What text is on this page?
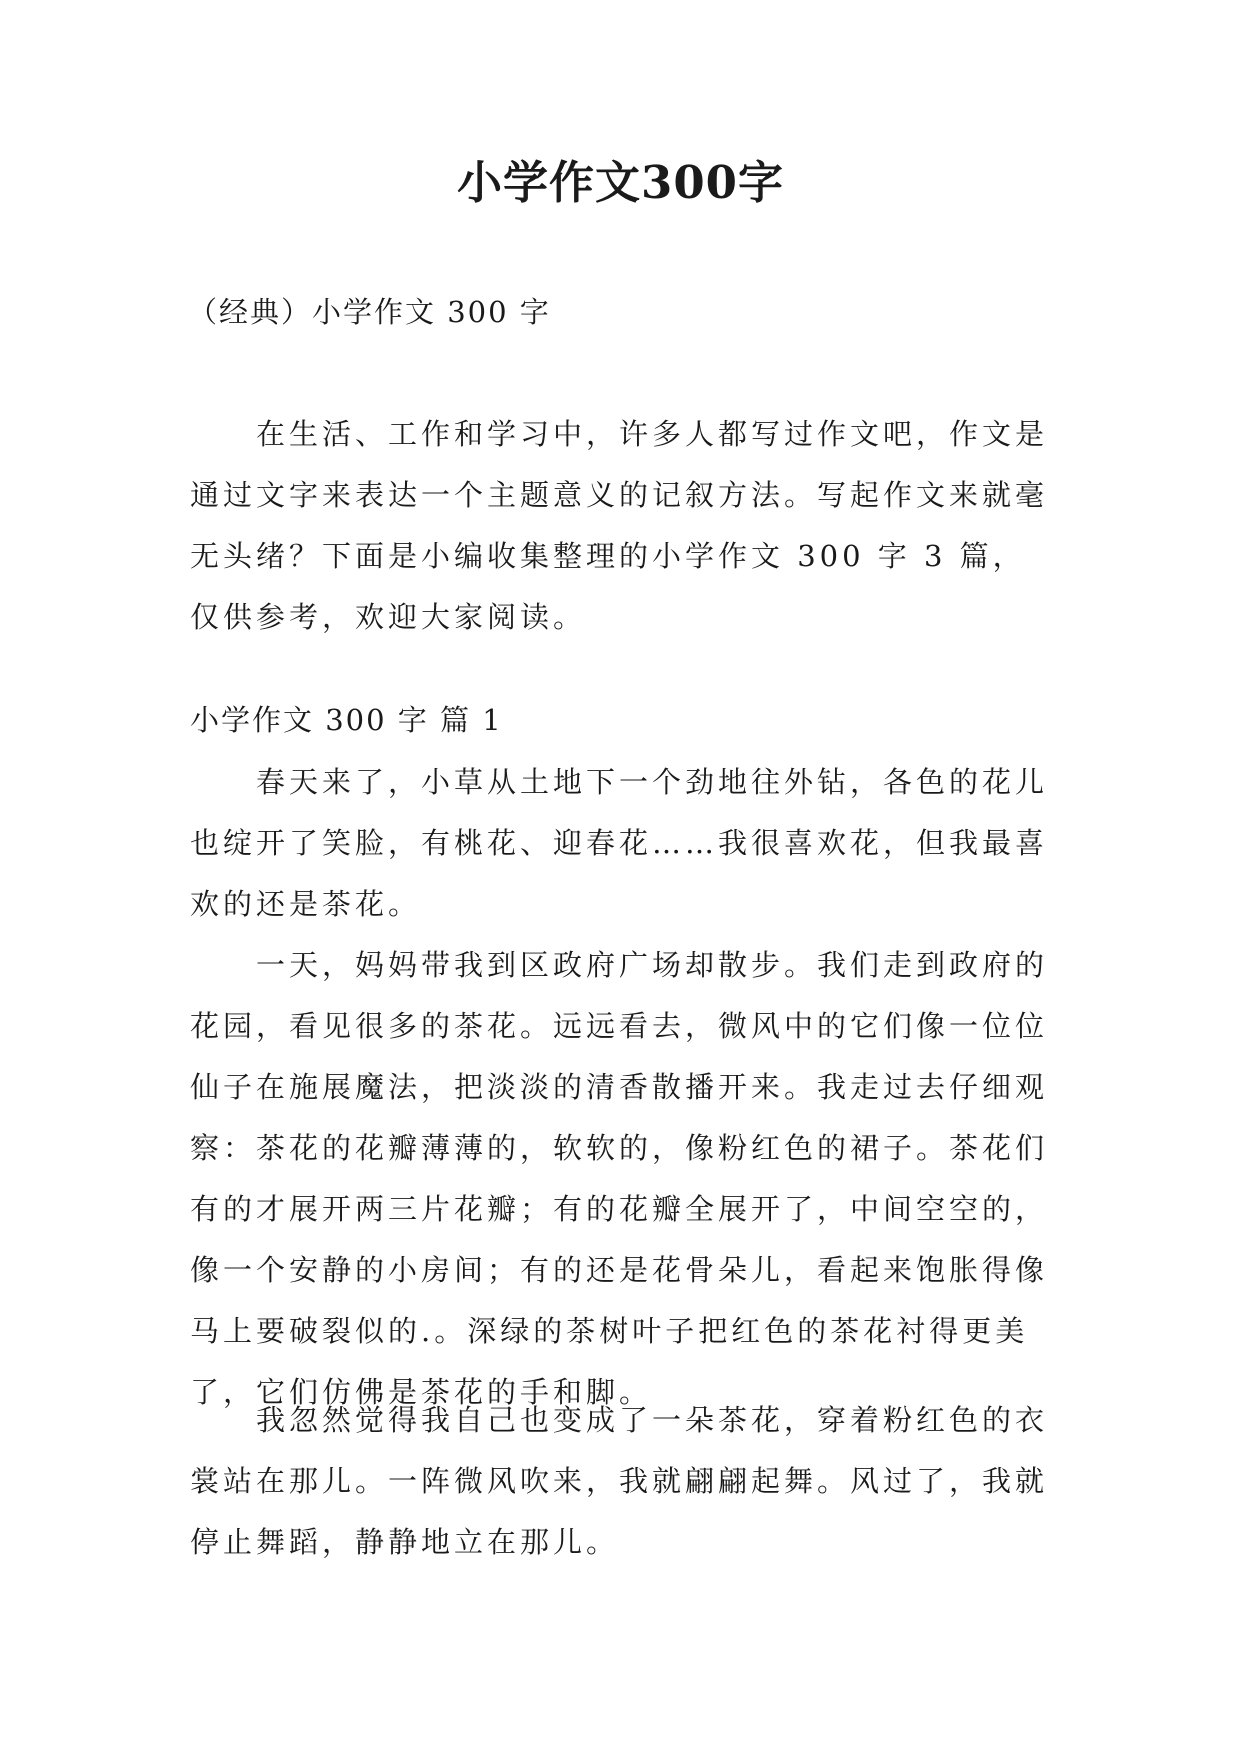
小学作文300字
（经典）小学作文 300 字

在生活、工作和学习中，许多人都写过作文吧，作文是通过文字来表达一个主题意义的记叙方法。写起作文来就毫无头绪？下面是小编收集整理的小学作文 300 字 3 篇，仅供参考，欢迎大家阅读。

小学作文 300 字 篇 1

春天来了，小草从土地下一个劲地往外钻，各色的花儿也绽开了笑脸，有桃花、迎春花……我很喜欢花，但我最喜欢的还是茶花。

一天，妈妈带我到区政府广场却散步。我们走到政府的花园，看见很多的茶花。远远看去，微风中的它们像一位位仙子在施展魔法，把淡淡的清香散播开来。我走过去仔细观察：茶花的花瓣薄薄的，软软的，像粉红色的裙子。茶花们有的才展开两三片花瓣；有的花瓣全展开了，中间空空的，像一个安静的小房间；有的还是花骨朵儿，看起来饱胀得像马上要破裂似的.。深绿的茶树叶子把红色的茶花衬得更美了，它们仿佛是茶花的手和脚。

我忽然觉得我自己也变成了一朵茶花，穿着粉红色的衣裳站在那儿。一阵微风吹来，我就翩翩起舞。风过了，我就停止舞蹈，静静地立在那儿。
